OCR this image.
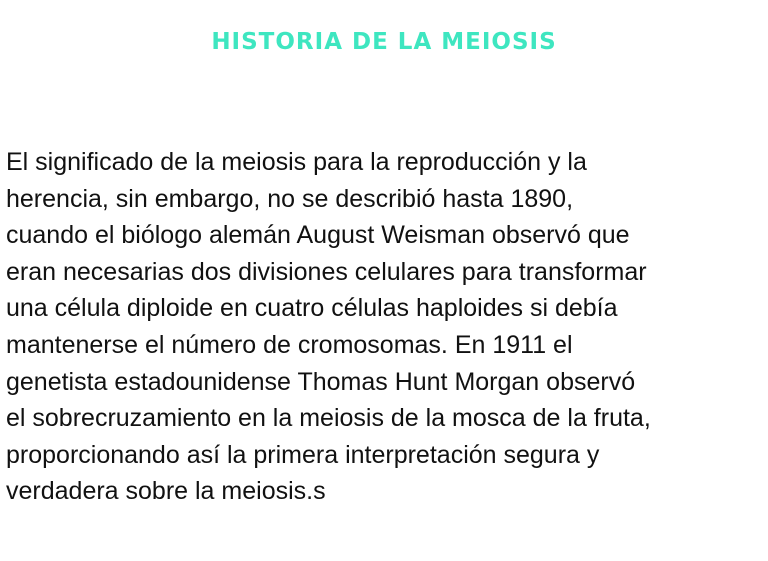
HISTORIA DE LA MEIOSIS

El significado de la meiosis para la reproducción y la
herencia, sin embargo, no se describió hasta 1890,
cuando el biólogo alemán August Weisman observó que
eran necesarias dos divisiones celulares para transformar
una célula diploide en cuatro células haploides si debía
mantenerse el número de cromosomas. En 1911 el
genetista estadounidense Thomas Hunt Morgan observó
el sobrecruzamiento en la meiosis de la mosca de la fruta,
proporcionando así la primera interpretación segura y
verdadera sobre la meiosis.s
